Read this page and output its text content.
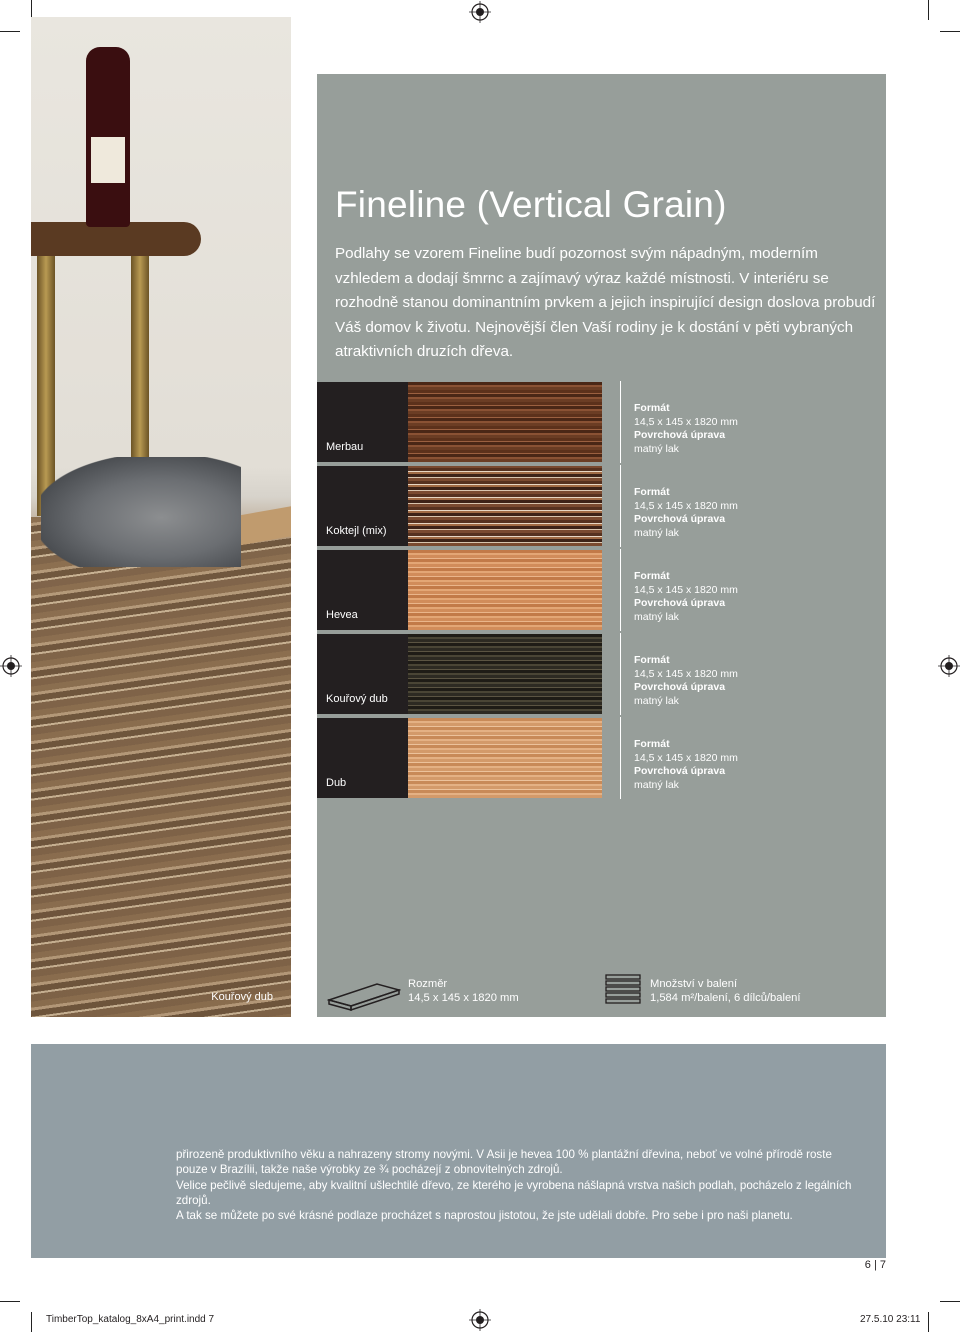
Kouřový dub
Fineline (Vertical Grain)
Podlahy se vzorem Fineline budí pozornost svým nápadným, moderním vzhledem a dodají šmrnc a zajímavý výraz každé místnosti. V interiéru se rozhodně stanou dominantním prvkem a jejich inspirující design doslova probudí Váš domov k životu. Nejnovější člen Vaší rodiny je k dostání v pěti vybraných atraktivních druzích dřeva.
Merbau
Formát
14,5 x 145 x 1820 mm
Povrchová úprava
matný lak
Koktejl (mix)
Formát
14,5 x 145 x 1820 mm
Povrchová úprava
matný lak
Hevea
Formát
14,5 x 145 x 1820 mm
Povrchová úprava
matný lak
Kouřový dub
Formát
14,5 x 145 x 1820 mm
Povrchová úprava
matný lak
Dub
Formát
14,5 x 145 x 1820 mm
Povrchová úprava
matný lak
Rozměr
14,5 x 145 x 1820 mm
Množství v balení
1,584 m²/balení, 6 dílců/balení
přirozeně produktivního věku a nahrazeny stromy novými. V Asii je hevea 100 % plantážní dřevina, neboť ve volné přírodě roste pouze v Brazílii, takže naše výrobky ze ¾ pocházejí z obnovitelných zdrojů.
Velice pečlivě sledujeme, aby kvalitní ušlechtilé dřevo, ze kterého je vyrobena nášlapná vrstva našich podlah, pocházelo z legálních zdrojů.
A tak se můžete po své krásné podlaze procházet s naprostou jistotou, že jste udělali dobře. Pro sebe i pro naši planetu.
6 | 7
TimberTop_katalog_8xA4_print.indd 7	27.5.10 23:11
